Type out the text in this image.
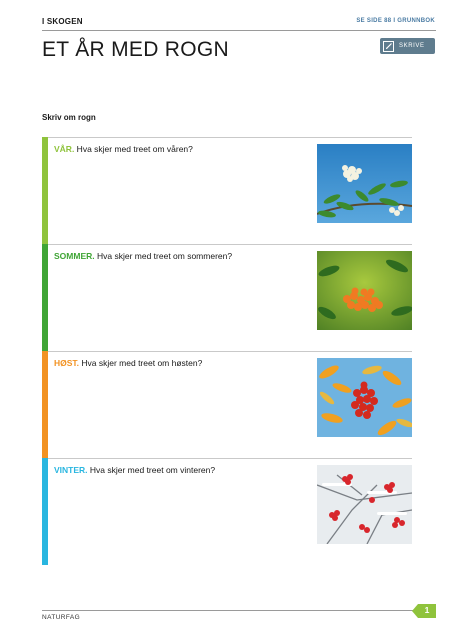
I SKOGEN	SE SIDE 88 I GRUNNBOK
ET ÅR MED ROGN	SKRIVE
Skriv om rogn
VÅR. Hva skjer med treet om våren?
SOMMER. Hva skjer med treet om sommeren?
HØST. Hva skjer med treet om høsten?
VINTER. Hva skjer med treet om vinteren?
NATURFAG
1
